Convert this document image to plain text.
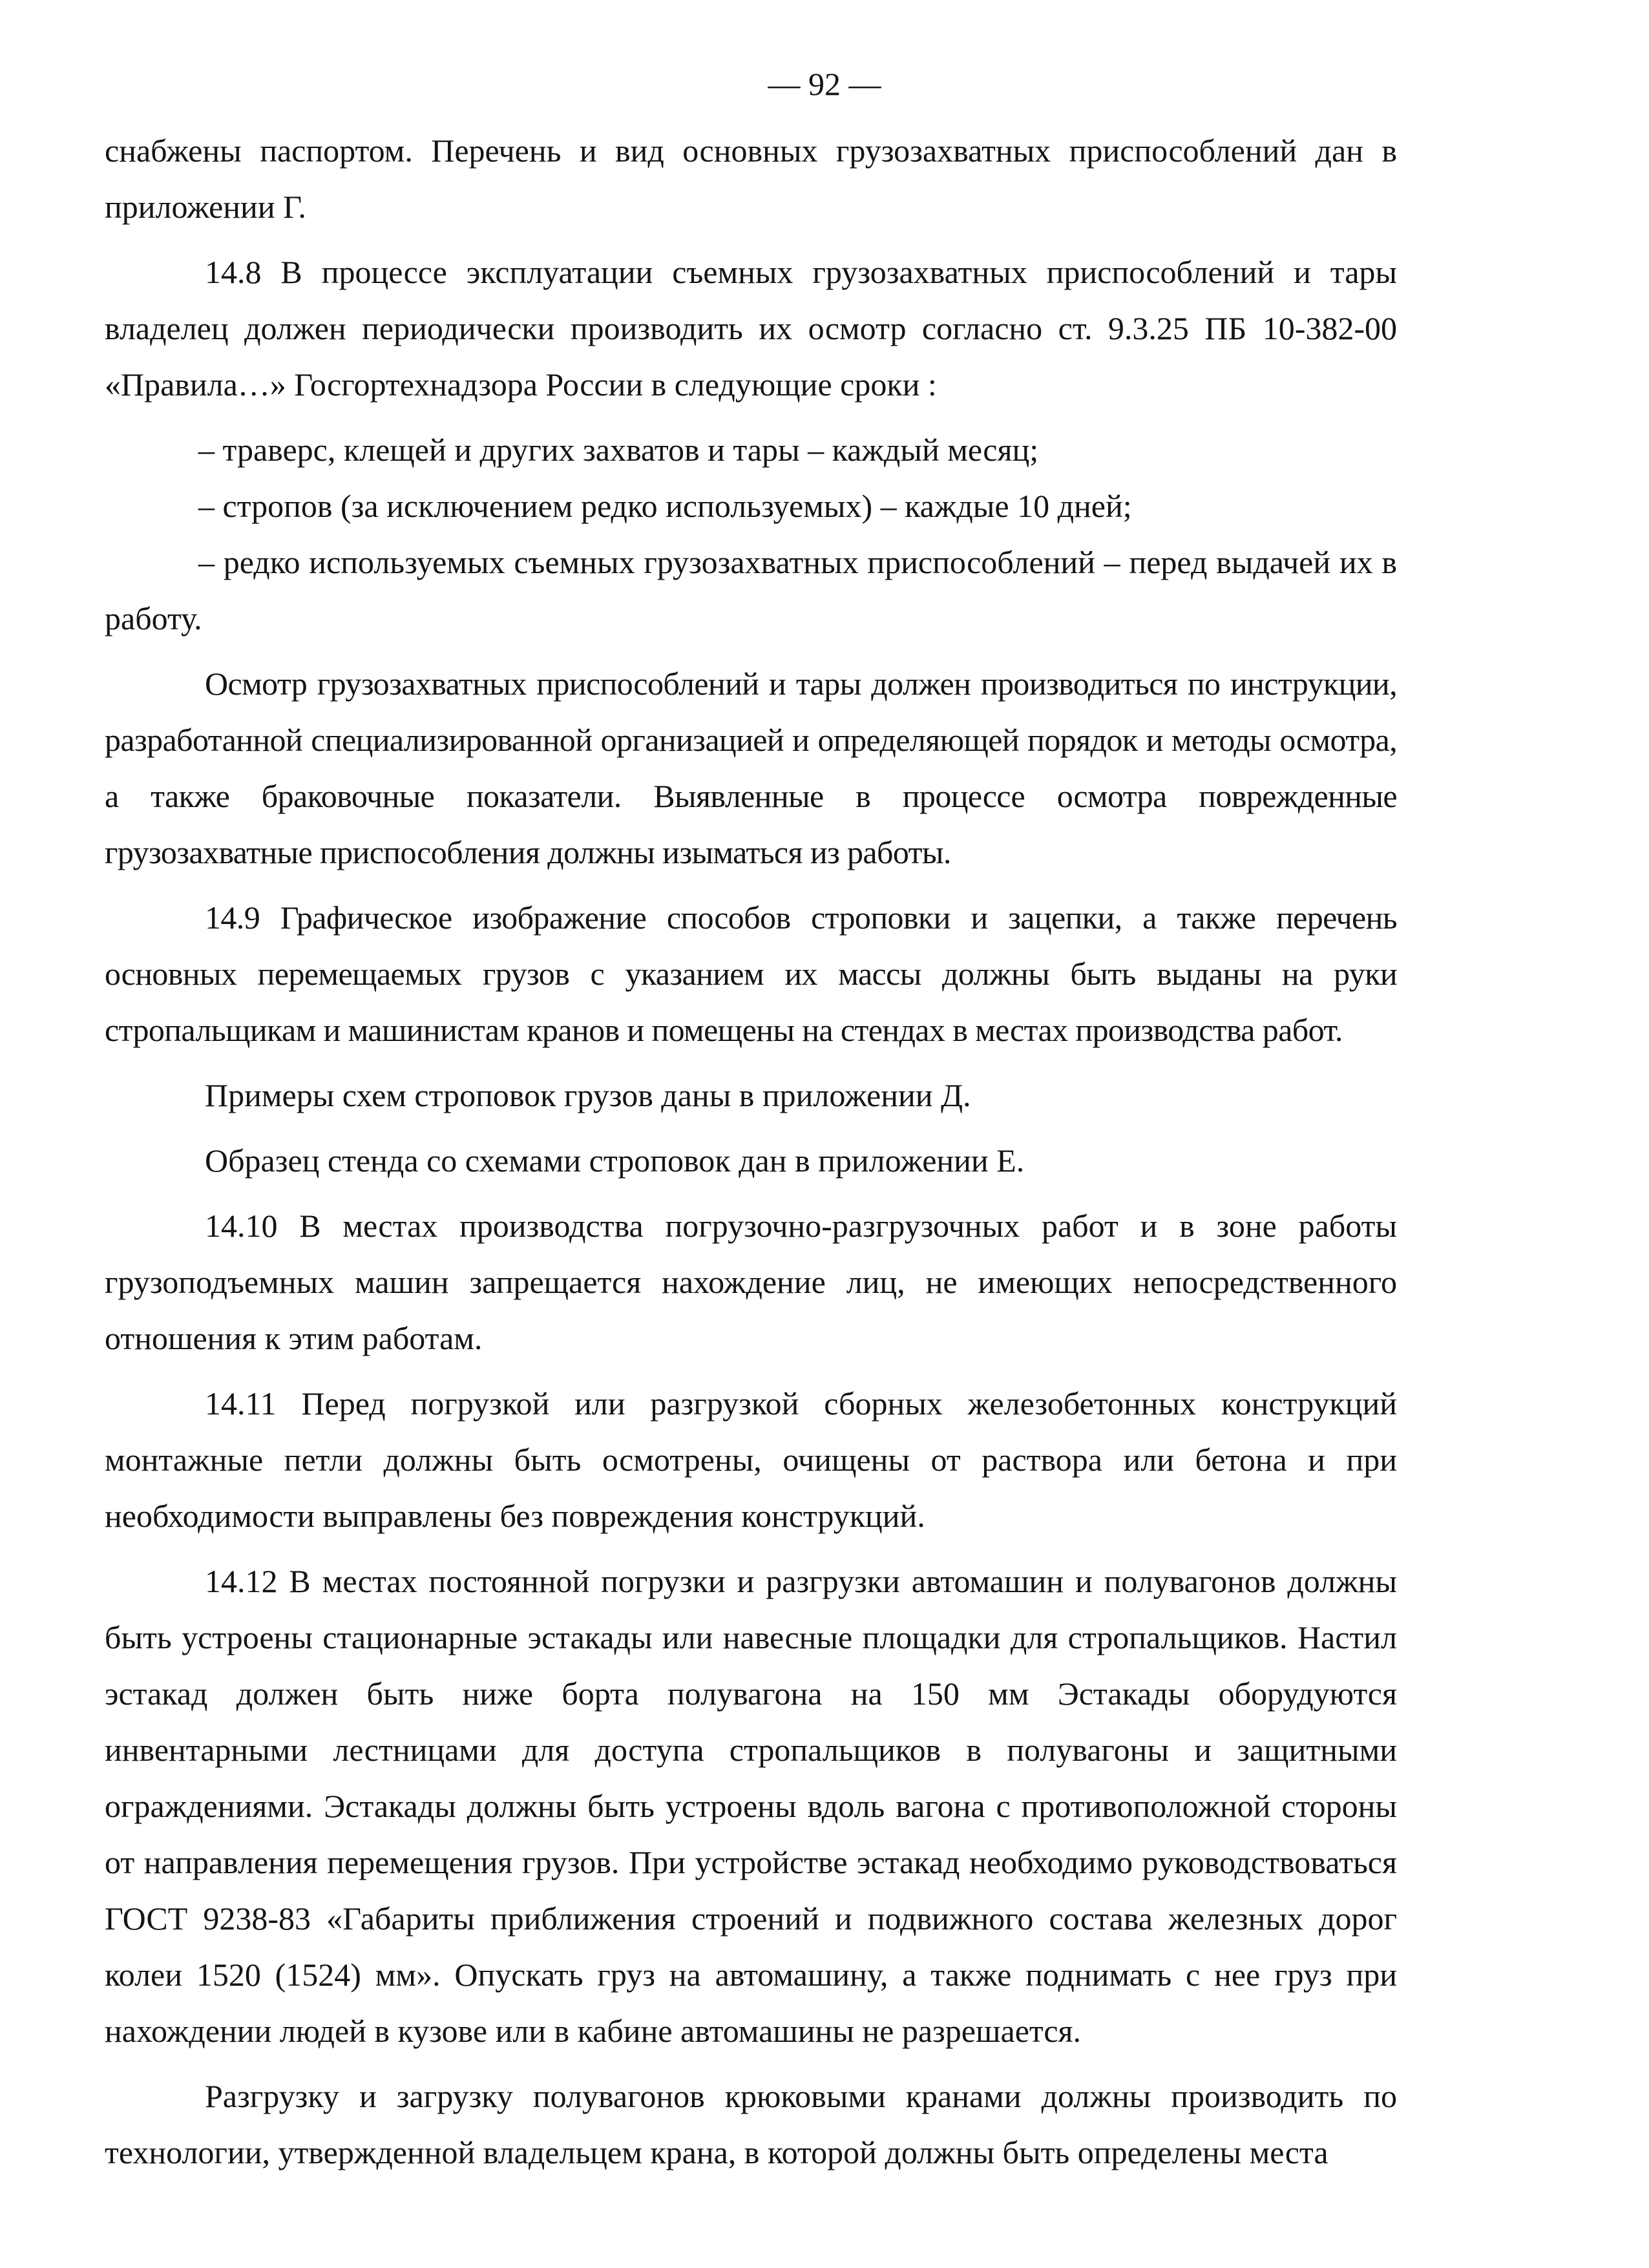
— 92 —

снабжены паспортом. Перечень и вид основных грузозахватных приспособлений дан в приложении Г.

14.8 В процессе эксплуатации съемных грузозахватных приспособлений и тары владелец должен периодически производить их осмотр согласно ст. 9.3.25 ПБ 10-382-00 «Правила…» Госгортехнадзора России в следующие сроки :

– траверс, клещей и других захватов и тары – каждый месяц;

– стропов (за исключением редко используемых) – каждые 10 дней;

– редко используемых съемных грузозахватных приспособлений – перед выдачей их в работу.

Осмотр грузозахватных приспособлений и тары должен производиться по инструкции, разработанной специализированной организацией и определяющей порядок и методы осмотра, а также браковочные показатели. Выявленные в процессе осмотра поврежденные грузозахватные приспособления должны изыматься из работы.

14.9 Графическое изображение способов строповки и зацепки, а также перечень основных перемещаемых грузов с указанием их массы должны быть выданы на руки стропальщикам и машинистам кранов и помещены на стендах в местах производства работ.

Примеры схем строповок грузов даны в приложении Д.

Образец стенда со схемами строповок дан в приложении Е.

14.10 В местах производства погрузочно-разгрузочных работ и в зоне работы грузоподъемных машин запрещается нахождение лиц, не имеющих непосредственного отношения к этим работам.

14.11 Перед погрузкой или разгрузкой сборных железобетонных конструкций монтажные петли должны быть осмотрены, очищены от раствора или бетона и при необходимости выправлены без повреждения конструкций.

14.12 В местах постоянной погрузки и разгрузки автомашин и полувагонов должны быть устроены стационарные эстакады или навесные площадки для стропальщиков. Настил эстакад должен быть ниже борта полувагона на 150 мм Эстакады оборудуются инвентарными лестницами для доступа стропальщиков в полувагоны и защитными ограждениями. Эстакады должны быть устроены вдоль вагона с противоположной стороны от направления перемещения грузов. При устройстве эстакад необходимо руководствоваться ГОСТ 9238-83 «Габариты приближения строений и подвижного состава железных дорог колеи 1520 (1524) мм». Опускать груз на автомашину, а также поднимать с нее груз при нахождении людей в кузове или в кабине автомашины не разрешается.

Разгрузку и загрузку полувагонов крюковыми кранами должны производить по технологии, утвержденной владельцем крана, в которой должны быть определены места
